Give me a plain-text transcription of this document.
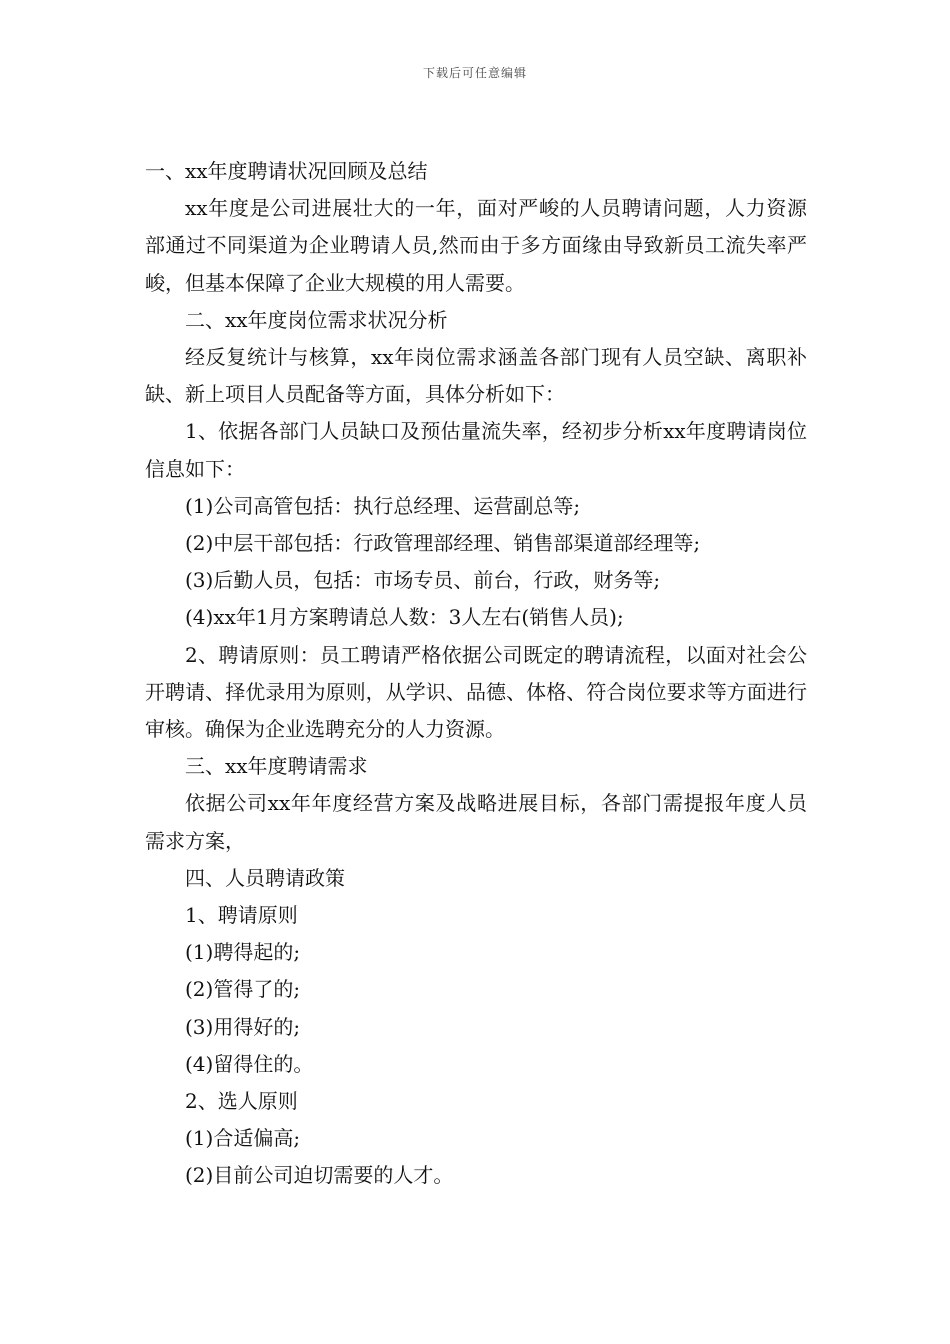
下载后可任意编辑

一、xx年度聘请状况回顾及总结

xx年度是公司进展壮大的一年，面对严峻的人员聘请问题，人力资源部通过不同渠道为企业聘请人员,然而由于多方面缘由导致新员工流失率严峻，但基本保障了企业大规模的用人需要。

二、xx年度岗位需求状况分析

经反复统计与核算，xx年岗位需求涵盖各部门现有人员空缺、离职补缺、新上项目人员配备等方面，具体分析如下：

1、依据各部门人员缺口及预估量流失率，经初步分析xx年度聘请岗位信息如下：

(1)公司高管包括：执行总经理、运营副总等;

(2)中层干部包括：行政管理部经理、销售部渠道部经理等;

(3)后勤人员，包括：市场专员、前台，行政，财务等;

(4)xx年1月方案聘请总人数：3人左右(销售人员);

2、聘请原则：员工聘请严格依据公司既定的聘请流程，以面对社会公开聘请、择优录用为原则，从学识、品德、体格、符合岗位要求等方面进行审核。确保为企业选聘充分的人力资源。

三、xx年度聘请需求

依据公司xx年年度经营方案及战略进展目标，各部门需提报年度人员需求方案，

四、人员聘请政策

1、聘请原则

(1)聘得起的;

(2)管得了的;

(3)用得好的;

(4)留得住的。

2、选人原则

(1)合适偏高;

(2)目前公司迫切需要的人才。
